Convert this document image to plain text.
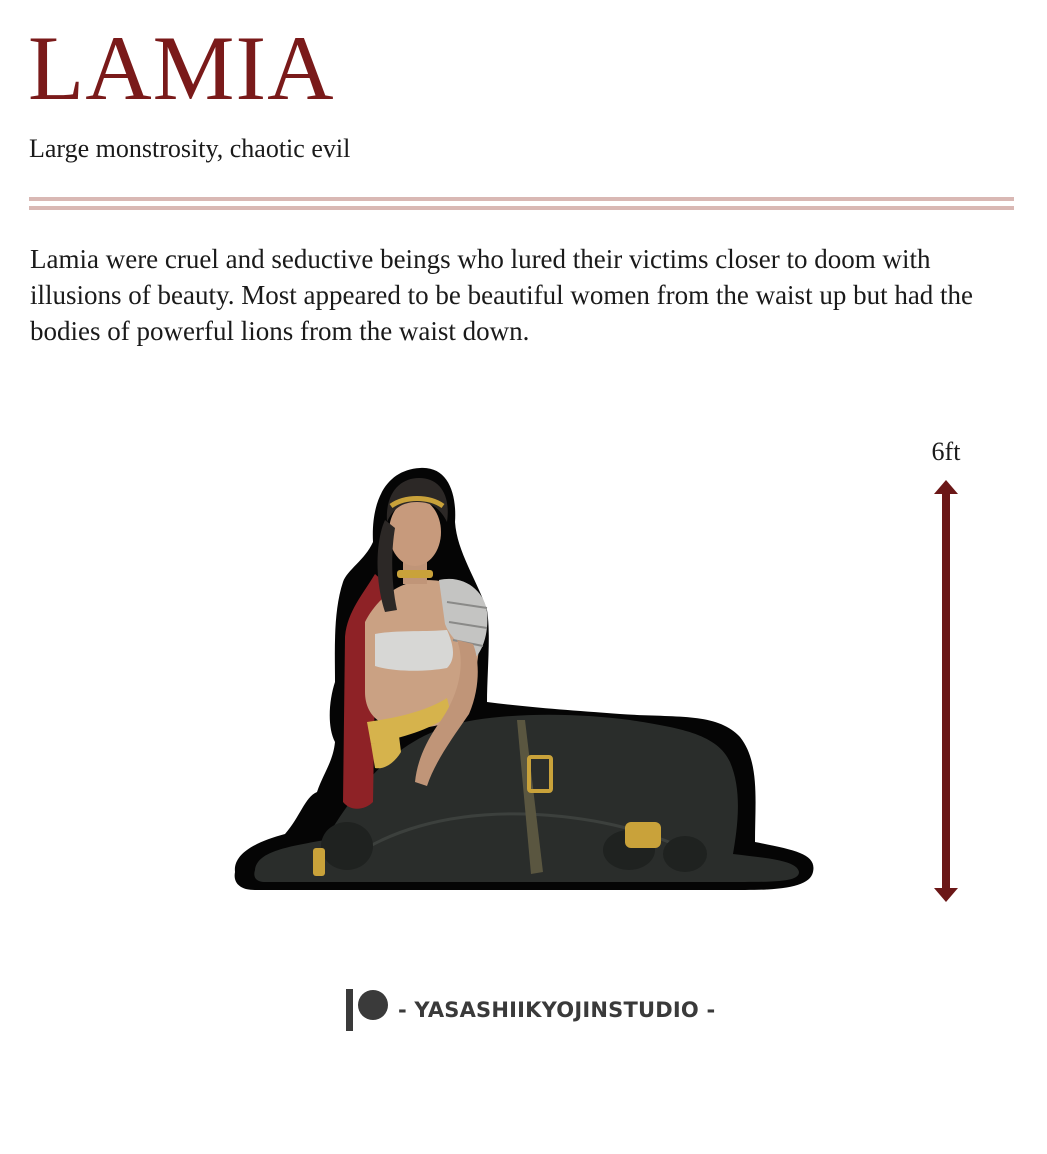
LAMIA
Large monstrosity, chaotic evil
Lamia were cruel and seductive beings who lured their victims closer to doom with illusions of beauty. Most appeared to be beautiful women from the waist up but had the bodies of powerful lions from the waist down.
6ft
- YASASHIIKYOJINSTUDIO -
